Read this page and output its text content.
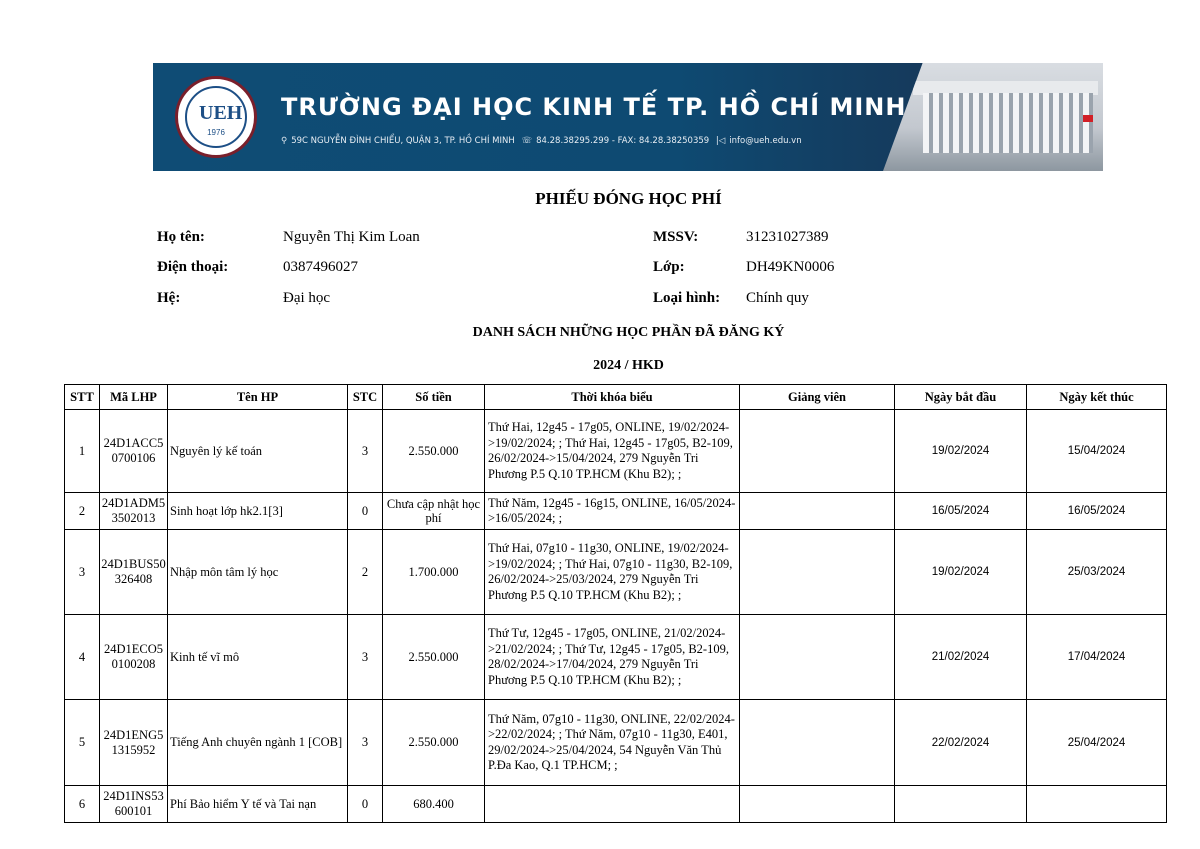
UEH
1976
TRƯỜNG ĐẠI HỌC KINH TẾ TP. HỒ CHÍ MINH
⚲ 59C NGUYỄN ĐÌNH CHIỂU, QUẬN 3, TP. HỒ CHÍ MINH ☏ 84.28.38295.299 - FAX: 84.28.38250359 |◁ info@ueh.edu.vn
PHIẾU ĐÓNG HỌC PHÍ
Họ tên:	Nguyễn Thị Kim Loan	MSSV:	31231027389
Điện thoại:	0387496027	Lớp:	DH49KN0006
Hệ:	Đại học	Loại hình: Chính quy
DANH SÁCH NHỮNG HỌC PHẦN ĐÃ ĐĂNG KÝ
2024 / HKD
STT	Mã LHP	Tên HP	STC	Số tiền	Thời khóa biểu	Giảng viên	Ngày bắt đầu	Ngày kết thúc
1	24D1ACC50700106	Nguyên lý kế toán	3	2.550.000	Thứ Hai, 12g45 - 17g05, ONLINE, 19/02/2024->19/02/2024; ; Thứ Hai, 12g45 - 17g05, B2-109, 26/02/2024->15/04/2024, 279 Nguyễn Tri Phương P.5 Q.10 TP.HCM (Khu B2); ;		19/02/2024	15/04/2024
2	24D1ADM53502013	Sinh hoạt lớp hk2.1[3]	0	Chưa cập nhật học phí	Thứ Năm, 12g45 - 16g15, ONLINE, 16/05/2024->16/05/2024; ;		16/05/2024	16/05/2024
3	24D1BUS50326408	Nhập môn tâm lý học	2	1.700.000	Thứ Hai, 07g10 - 11g30, ONLINE, 19/02/2024->19/02/2024; ; Thứ Hai, 07g10 - 11g30, B2-109, 26/02/2024->25/03/2024, 279 Nguyễn Tri Phương P.5 Q.10 TP.HCM (Khu B2); ;		19/02/2024	25/03/2024
4	24D1ECO50100208	Kinh tế vĩ mô	3	2.550.000	Thứ Tư, 12g45 - 17g05, ONLINE, 21/02/2024->21/02/2024; ; Thứ Tư, 12g45 - 17g05, B2-109, 28/02/2024->17/04/2024, 279 Nguyễn Tri Phương P.5 Q.10 TP.HCM (Khu B2); ;		21/02/2024	17/04/2024
5	24D1ENG51315952	Tiếng Anh chuyên ngành 1 [COB]	3	2.550.000	Thứ Năm, 07g10 - 11g30, ONLINE, 22/02/2024->22/02/2024; ; Thứ Năm, 07g10 - 11g30, E401, 29/02/2024->25/04/2024, 54 Nguyễn Văn Thủ P.Đa Kao, Q.1 TP.HCM; ;		22/02/2024	25/04/2024
6	24D1INS53600101	Phí Bảo hiểm Y tế và Tai nạn	0	680.400				
